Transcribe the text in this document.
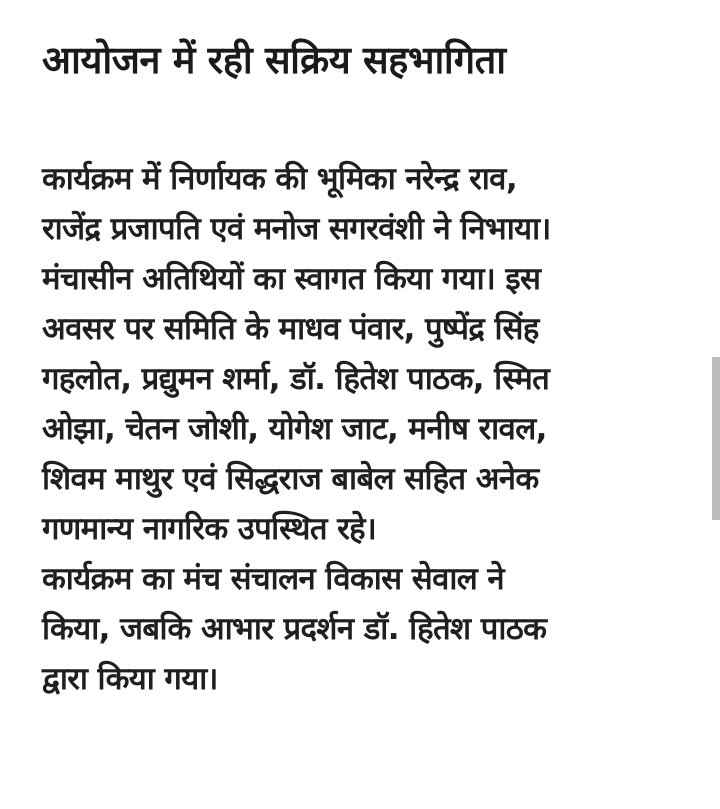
आयोजन में रही सक्रिय सहभागिता

कार्यक्रम में निर्णायक की भूमिका नरेन्द्र राव,
राजेंद्र प्रजापति एवं मनोज सगरवंशी ने निभाया।
मंचासीन अतिथियों का स्वागत किया गया। इस
अवसर पर समिति के माधव पंवार, पुष्पेंद्र सिंह
गहलोत, प्रद्युमन शर्मा, डॉ. हितेश पाठक, स्मित
ओझा, चेतन जोशी, योगेश जाट, मनीष रावल,
शिवम माथुर एवं सिद्धराज बाबेल सहित अनेक
गणमान्य नागरिक उपस्थित रहे।

कार्यक्रम का मंच संचालन विकास सेवाल ने
किया, जबकि आभार प्रदर्शन डॉ. हितेश पाठक
द्वारा किया गया।
